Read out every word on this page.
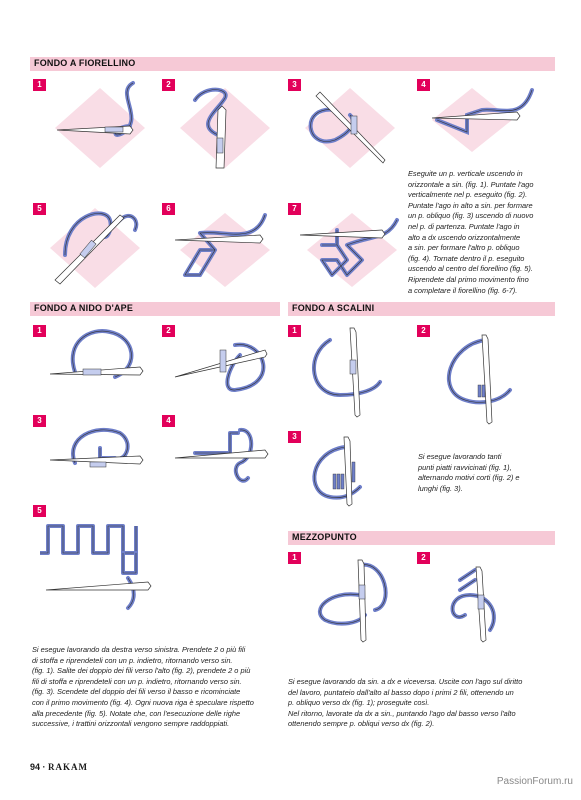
FONDO A FIORELLINO
FONDO A NIDO D'APE	FONDO A SCALINI
MEZZOPUNTO
1	2	3	4
5	6	7
1	2
3	4
5
1	2
3
1	2
Eseguite un p. verticale uscendo in
orizzontale a sin. (fig. 1). Puntate l'ago
verticalmente nel p. eseguito (fig. 2).
Puntate l'ago in alto a sin. per formare
un p. obliquo (fig. 3) uscendo di nuovo
nel p. di partenza. Puntate l'ago in
alto a dx uscendo orizzontalmente
a sin. per formare l'altro p. obliquo
(fig. 4). Tornate dentro il p. eseguito
uscendo al centro del fiorellino (fig. 5).
Riprendete dal primo movimento fino
a completare il fiorellino (fig. 6-7).
Si esegue lavorando tanti
punti piatti ravvicinati (fig. 1),
alternando motivi corti (fig. 2) e
lunghi (fig. 3).
Si esegue lavorando da destra verso sinistra. Prendete 2 o più fili
di stoffa e riprendeteli con un p. indietro, ritornando verso sin.
(fig. 1). Salite dei doppio dei fili verso l'alto (fig. 2), prendete 2 o più
fili di stoffa e riprendeteli con un p. indietro, ritornando verso sin.
(fig. 3). Scendete del doppio dei fili verso il basso e ricominciate
con il primo movimento (fig. 4). Ogni nuova riga è speculare rispetto
alla precedente (fig. 5). Notate che, con l'esecuzione delle righe
successive, i trattini orizzontali vengono sempre raddoppiati.
Si esegue lavorando da sin. a dx e viceversa. Uscite con l'ago sul diritto
del lavoro, puntateio dall'alto al basso dopo i primi 2 fili, ottenendo un
p. obliquo verso dx (fig. 1); proseguite così.
Nel ritorno, lavorate da dx a sin., puntando l'ago dal basso verso l'alto
ottenendo sempre p. obliqui verso dx (fig. 2).
94 · RAKAM
PassionForum.ru
